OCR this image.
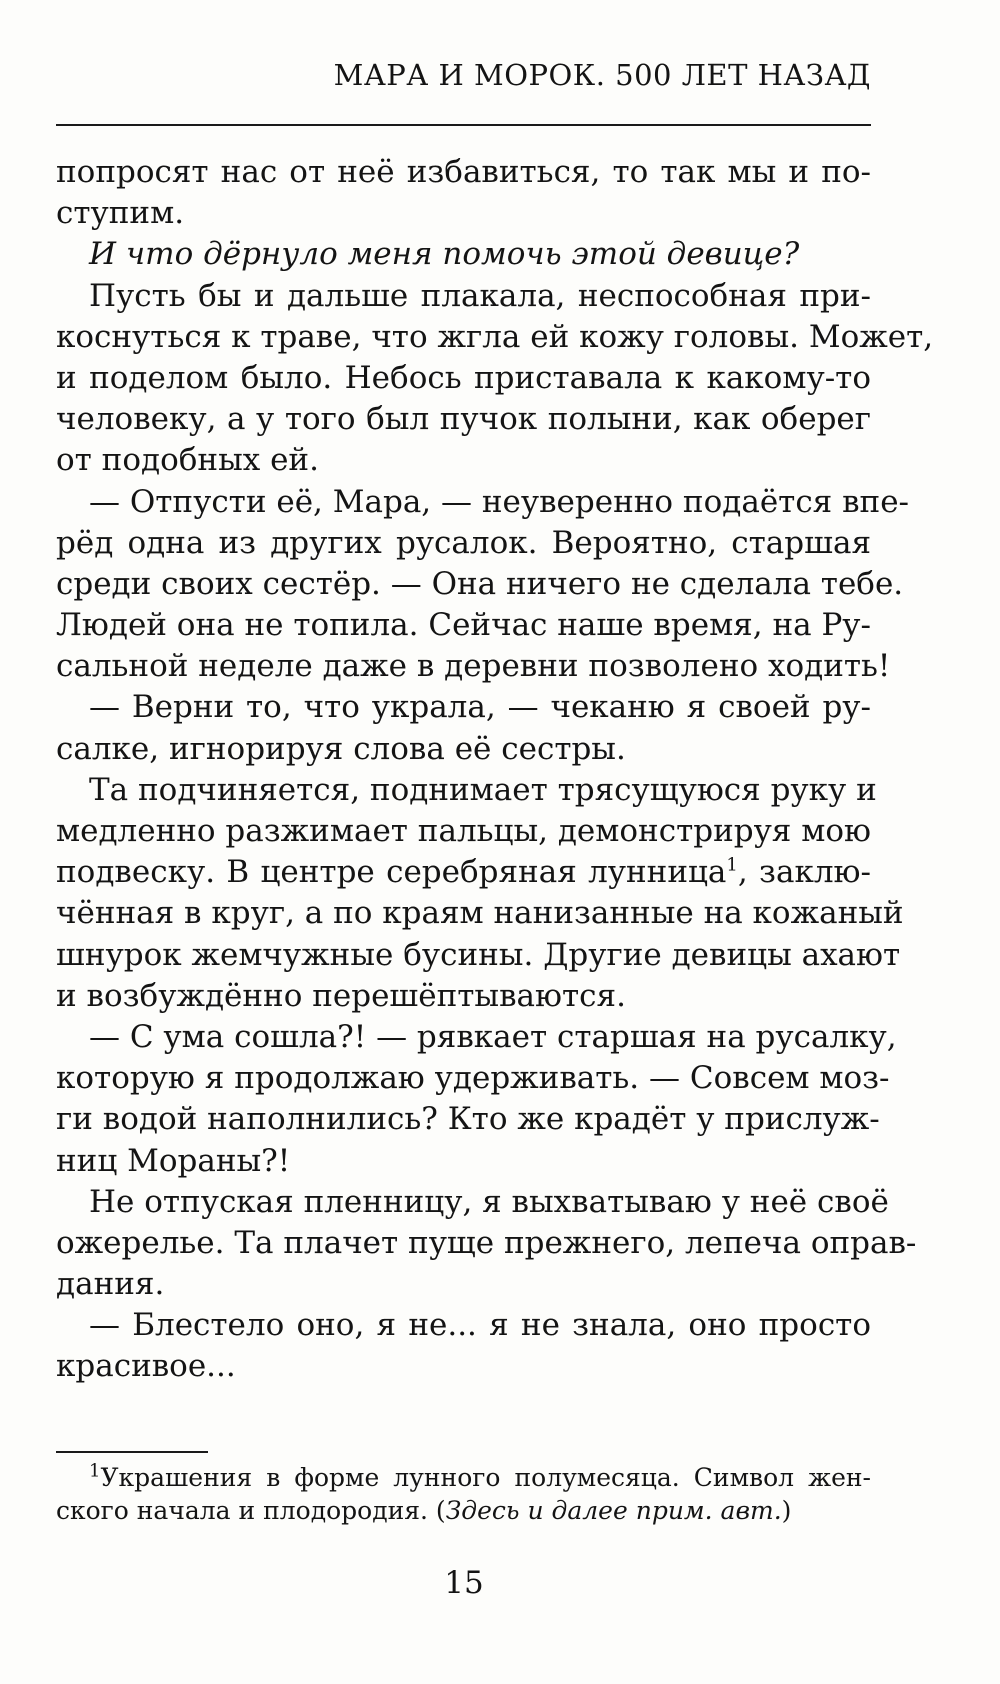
МАРА И МОРОК. 500 ЛЕТ НАЗАД
попросят нас от неё избавиться, то так мы и по-
ступим.
И что дёрнуло меня помочь этой девице?
Пусть бы и дальше плакала, неспособная при-
коснуться к траве, что жгла ей кожу головы. Может,
и поделом было. Небось приставала к какому-то
человеку, а у того был пучок полыни, как оберег
от подобных ей.
— Отпусти её, Мара, — неуверенно подаётся впе-
рёд одна из других русалок. Вероятно, старшая
среди своих сестёр. — Она ничего не сделала тебе.
Людей она не топила. Сейчас наше время, на Ру-
сальной неделе даже в деревни позволено ходить!
— Верни то, что украла, — чеканю я своей ру-
салке, игнорируя слова её сестры.
Та подчиняется, поднимает трясущуюся руку и
медленно разжимает пальцы, демонстрируя мою
подвеску. В центре серебряная лунница$^1$, заклю-
чённая в круг, а по краям нанизанные на кожаный
шнурок жемчужные бусины. Другие девицы ахают
и возбуждённо перешёптываются.
— С ума сошла?! — рявкает старшая на русалку,
которую я продолжаю удерживать. — Совсем моз-
ги водой наполнились? Кто же крадёт у прислуж-
ниц Мораны?!
Не отпуская пленницу, я выхватываю у неё своё
ожерелье. Та плачет пуще прежнего, лепеча оправ-
дания.
— Блестело оно, я не... я не знала, оно просто
красивое...
$^1$Украшения в форме лунного полумесяца. Символ жен-
ского начала и плодородия. (Здесь и далее прим. авт.)
15
